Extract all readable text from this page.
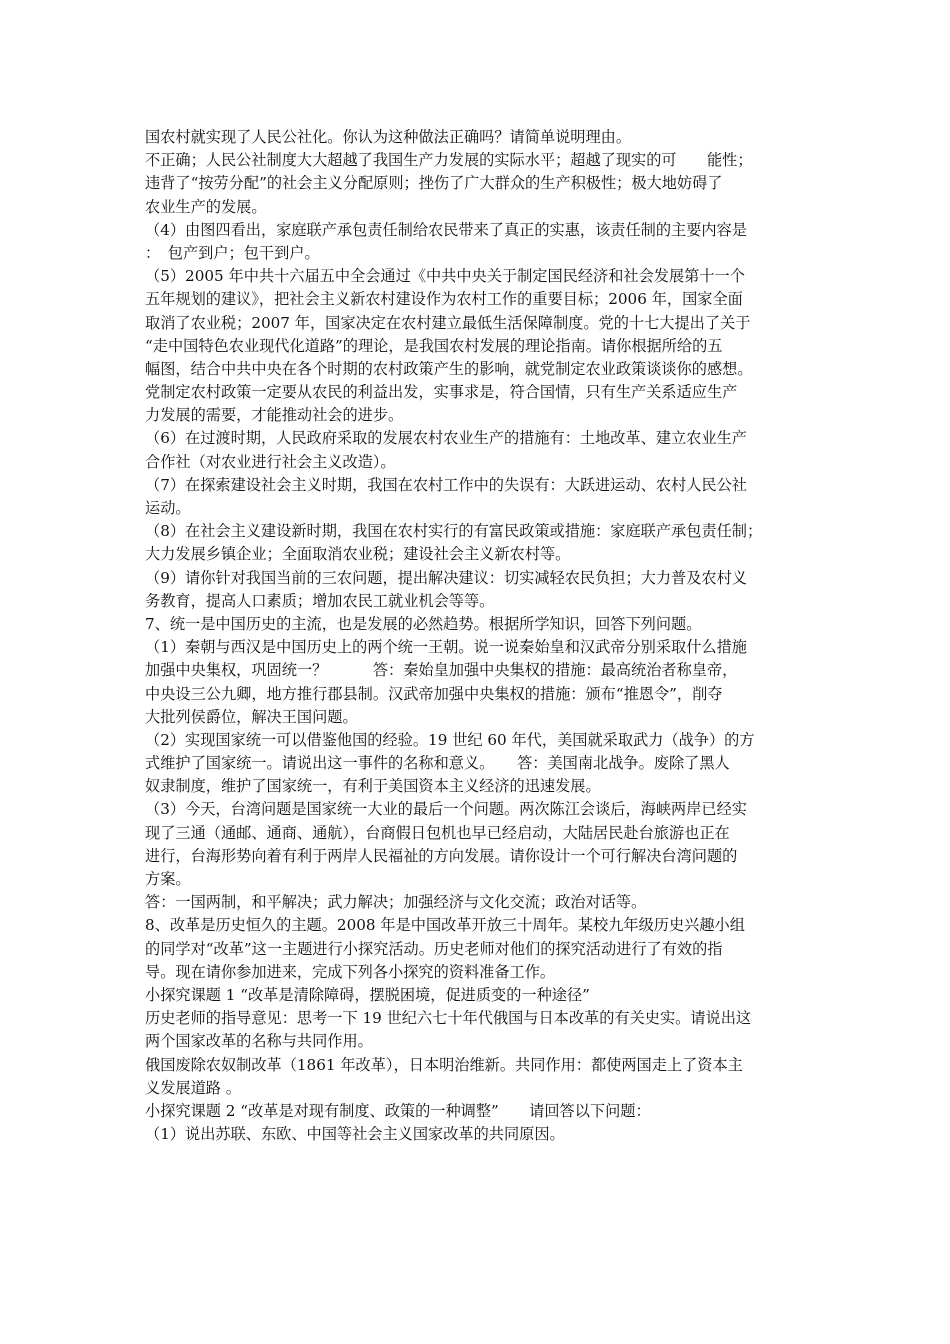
国农村就实现了人民公社化。你认为这种做法正确吗？请简单说明理由。
不正确；人民公社制度大大超越了我国生产力发展的实际水平；超越了现实的可　　能性；
违背了“按劳分配”的社会主义分配原则；挫伤了广大群众的生产积极性；极大地妨碍了
农业生产的发展。
（4）由图四看出，家庭联产承包责任制给农民带来了真正的实惠，该责任制的主要内容是
：　包产到户；包干到户。
（5）2005 年中共十六届五中全会通过《中共中央关于制定国民经济和社会发展第十一个
五年规划的建议》，把社会主义新农村建设作为农村工作的重要目标；2006 年，国家全面
取消了农业税；2007 年，国家决定在农村建立最低生活保障制度。党的十七大提出了关于
“走中国特色农业现代化道路”的理论，是我国农村发展的理论指南。请你根据所给的五
幅图，结合中共中央在各个时期的农村政策产生的影响，就党制定农业政策谈谈你的感想。
党制定农村政策一定要从农民的利益出发，实事求是，符合国情，只有生产关系适应生产
力发展的需要，才能推动社会的进步。
（6）在过渡时期，人民政府采取的发展农村农业生产的措施有：土地改革、建立农业生产
合作社（对农业进行社会主义改造）。
（7）在探索建设社会主义时期，我国在农村工作中的失误有：大跃进运动、农村人民公社
运动。
（8）在社会主义建设新时期，我国在农村实行的有富民政策或措施：家庭联产承包责任制；
大力发展乡镇企业；全面取消农业税；建设社会主义新农村等。
（9）请你针对我国当前的三农问题，提出解决建议：切实减轻农民负担；大力普及农村义
务教育，提高人口素质；增加农民工就业机会等等。
7、统一是中国历史的主流，也是发展的必然趋势。根据所学知识，回答下列问题。
（1）秦朝与西汉是中国历史上的两个统一王朝。说一说秦始皇和汉武帝分别采取什么措施
加强中央集权，巩固统一？　　　答：秦始皇加强中央集权的措施：最高统治者称皇帝，
中央设三公九卿，地方推行郡县制。汉武帝加强中央集权的措施：颁布“推恩令”，削夺
大批列侯爵位，解决王国问题。
（2）实现国家统一可以借鉴他国的经验。19 世纪 60 年代，美国就采取武力（战争）的方
式维护了国家统一。请说出这一事件的名称和意义。　　答：美国南北战争。废除了黑人
奴隶制度，维护了国家统一，有利于美国资本主义经济的迅速发展。
（3）今天，台湾问题是国家统一大业的最后一个问题。两次陈江会谈后，海峡两岸已经实
现了三通（通邮、通商、通航），台商假日包机也早已经启动，大陆居民赴台旅游也正在
进行，台海形势向着有利于两岸人民福祉的方向发展。请你设计一个可行解决台湾问题的
方案。
答：一国两制，和平解决；武力解决；加强经济与文化交流；政治对话等。
8、改革是历史恒久的主题。2008 年是中国改革开放三十周年。某校九年级历史兴趣小组
的同学对“改革”这一主题进行小探究活动。历史老师对他们的探究活动进行了有效的指
导。现在请你参加进来，完成下列各小探究的资料准备工作。
小探究课题 1 “改革是清除障碍，摆脱困境，促进质变的一种途径”
历史老师的指导意见：思考一下 19 世纪六七十年代俄国与日本改革的有关史实。请说出这
两个国家改革的名称与共同作用。
俄国废除农奴制改革（1861 年改革），日本明治维新。共同作用：都使两国走上了资本主
义发展道路 。
小探究课题 2 “改革是对现有制度、政策的一种调整”　　请回答以下问题：
（1）说出苏联、东欧、中国等社会主义国家改革的共同原因。
